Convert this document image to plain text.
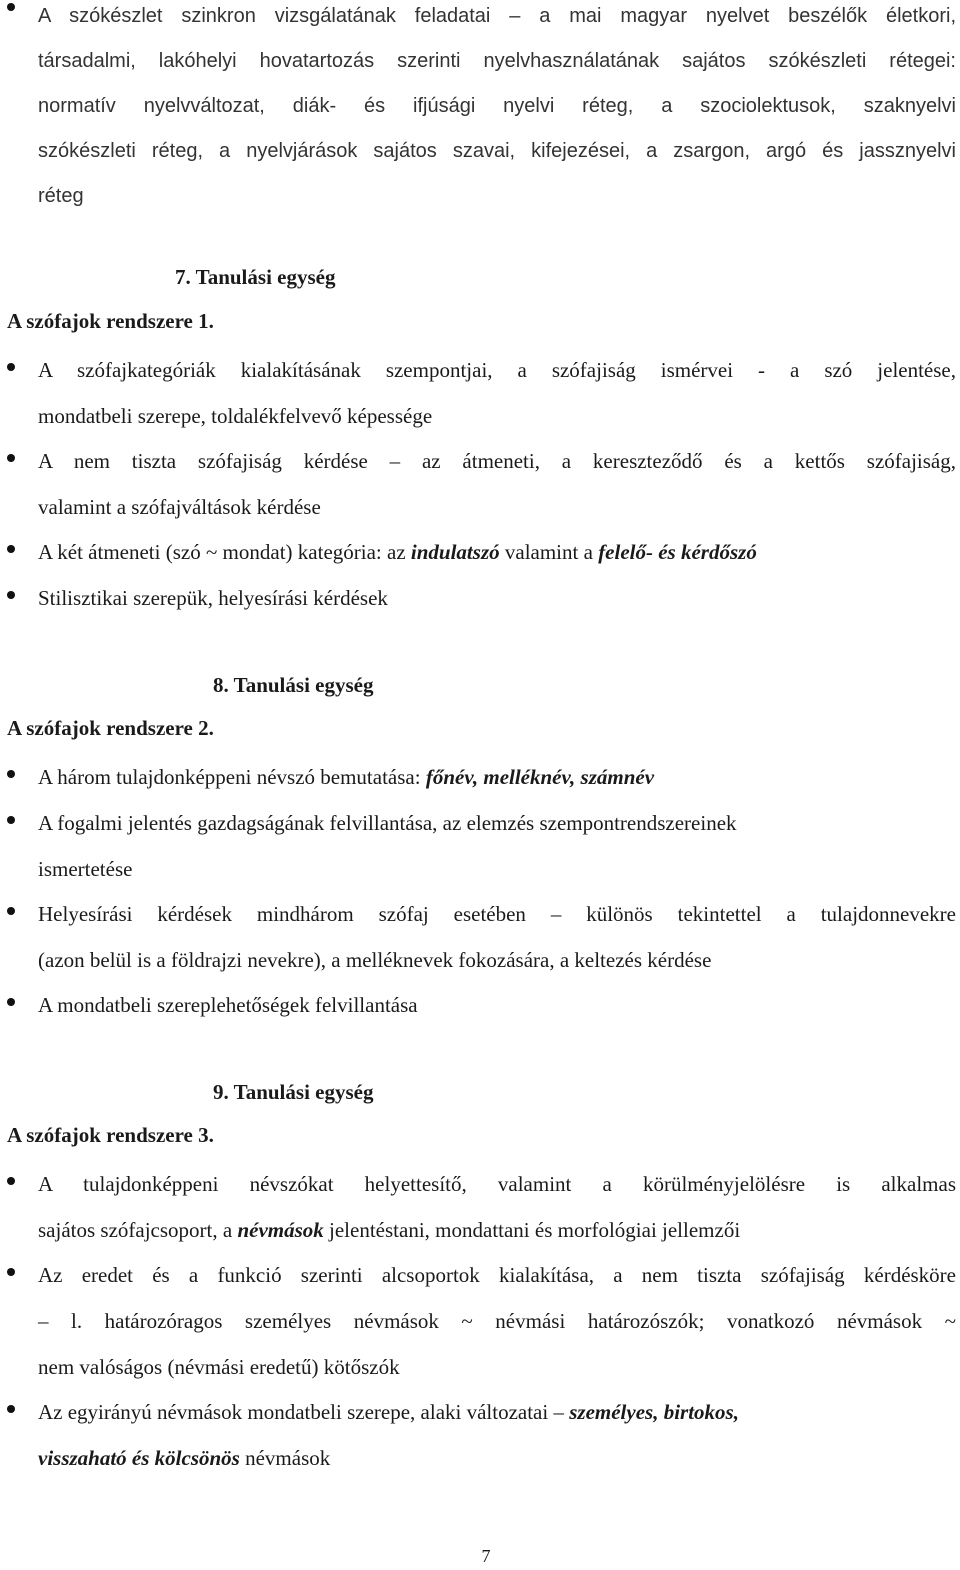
A szókészlet szinkron vizsgálatának feladatai – a mai magyar nyelvet beszélők életkori,
társadalmi, lakóhelyi hovatartozás szerinti nyelvhasználatának sajátos szókészleti rétegei:
normatív nyelvváltozat, diák- és ifjúsági nyelvi réteg, a szociolektusok, szaknyelvi
szókészleti réteg, a nyelvjárások sajátos szavai, kifejezései, a zsargon, argó és jassznyelvi
réteg
7. Tanulási egység
A szófajok rendszere 1.
A szófajkategóriák kialakításának szempontjai, a szófajiság ismérvei - a szó jelentése,
mondatbeli szerepe, toldalékfelvevő képessége
A nem tiszta szófajiság kérdése – az átmeneti, a kereszteződő és a kettős szófajiság,
valamint a szófajváltások kérdése
A két átmeneti (szó ~ mondat) kategória: az indulatszó valamint a felelő- és kérdőszó
Stilisztikai szerepük, helyesírási kérdések
8. Tanulási egység
A szófajok rendszere 2.
A három tulajdonképpeni névszó bemutatása: főnév, melléknév, számnév
A fogalmi jelentés gazdagságának felvillantása, az elemzés szempontrendszereinek
ismertetése
Helyesírási kérdések mindhárom szófaj esetében – különös tekintettel a tulajdonnevekre
(azon belül is a földrajzi nevekre), a melléknevek fokozására, a keltezés kérdése
A mondatbeli szereplehetőségek felvillantása
9. Tanulási egység
A szófajok rendszere 3.
A tulajdonképpeni névszókat helyettesítő, valamint a körülményjelölésre is alkalmas
sajátos szófajcsoport, a névmások jelentéstani, mondattani és morfológiai jellemzői
Az eredet és a funkció szerinti alcsoportok kialakítása, a nem tiszta szófajiság kérdésköre
– l. határozóragos személyes névmások ~ névmási határozószók; vonatkozó névmások ~
nem valóságos (névmási eredetű) kötőszók
Az egyirányú névmások mondatbeli szerepe, alaki változatai – személyes, birtokos,
visszaható és kölcsönös névmások
7
